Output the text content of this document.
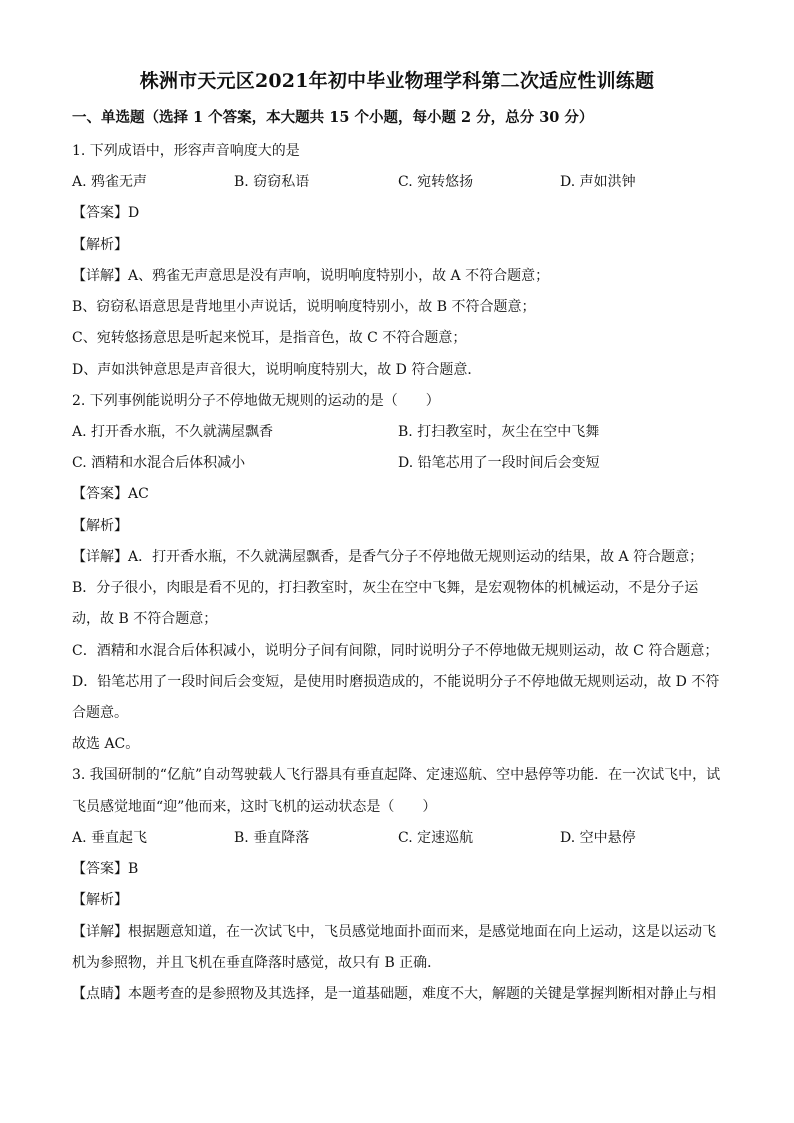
株洲市天元区2021年初中毕业物理学科第二次适应性训练题
一、单选题（选择 1 个答案，本大题共 15 个小题，每小题 2 分，总分 30 分）
1. 下列成语中，形容声音响度大的是
A. 鸦雀无声	B. 窃窃私语	C. 宛转悠扬	D. 声如洪钟
【答案】D
【解析】
【详解】A、鸦雀无声意思是没有声响，说明响度特别小，故 A 不符合题意；
B、窃窃私语意思是背地里小声说话，说明响度特别小，故 B 不符合题意；
C、宛转悠扬意思是听起来悦耳，是指音色，故 C 不符合题意；
D、声如洪钟意思是声音很大，说明响度特别大，故 D 符合题意．
2. 下列事例能说明分子不停地做无规则的运动的是（　　）
A. 打开香水瓶，不久就满屋飘香	B. 打扫教室时，灰尘在空中飞舞
C. 酒精和水混合后体积减小	D. 铅笔芯用了一段时间后会变短
【答案】AC
【解析】
【详解】A．打开香水瓶，不久就满屋飘香，是香气分子不停地做无规则运动的结果，故 A 符合题意；
B．分子很小，肉眼是看不见的，打扫教室时，灰尘在空中飞舞，是宏观物体的机械运动，不是分子运
动，故 B 不符合题意；
C．酒精和水混合后体积减小，说明分子间有间隙，同时说明分子不停地做无规则运动，故 C 符合题意；
D．铅笔芯用了一段时间后会变短，是使用时磨损造成的，不能说明分子不停地做无规则运动，故 D 不符
合题意。
故选 AC。
3. 我国研制的“亿航”自动驾驶载人飞行器具有垂直起降、定速巡航、空中悬停等功能．在一次试飞中，试
飞员感觉地面“迎”他而来，这时飞机的运动状态是（　　）
A. 垂直起飞	B. 垂直降落	C. 定速巡航	D. 空中悬停
【答案】B
【解析】
【详解】根据题意知道，在一次试飞中，飞员感觉地面扑面而来，是感觉地面在向上运动，这是以运动飞
机为参照物，并且飞机在垂直降落时感觉，故只有 B 正确．
【点睛】本题考查的是参照物及其选择，是一道基础题，难度不大，解题的关键是掌握判断相对静止与相
